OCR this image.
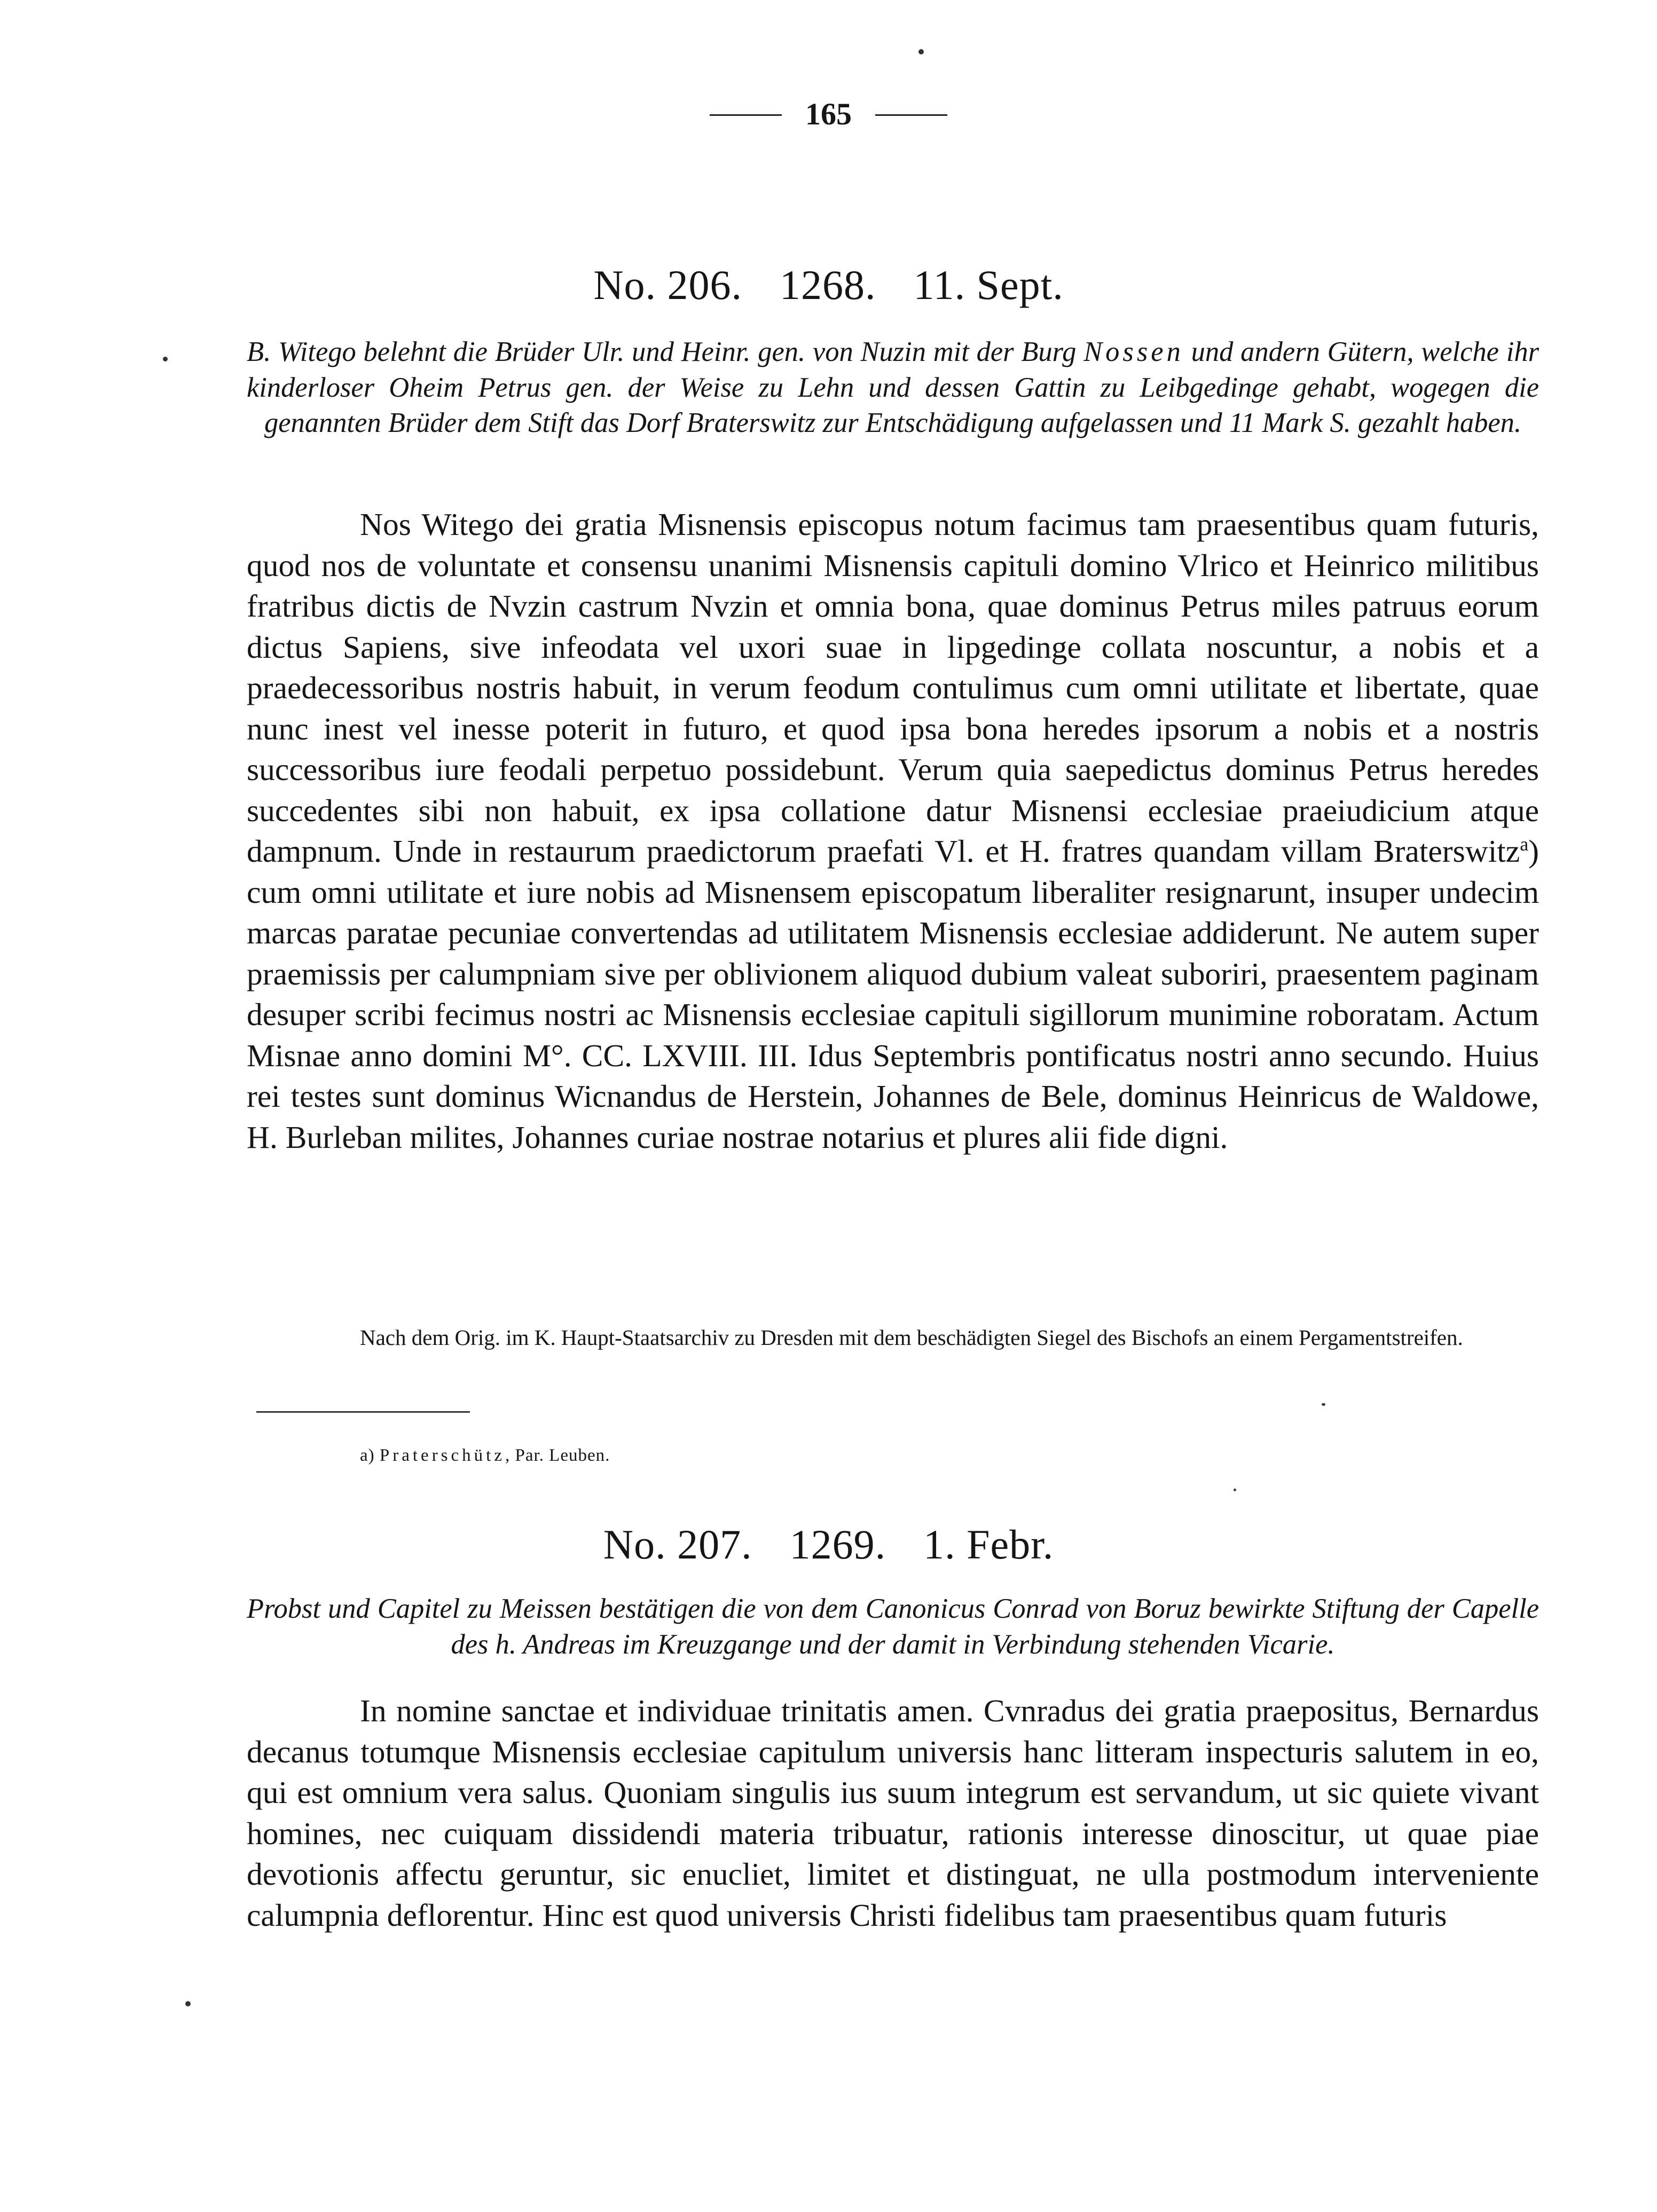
165
No. 206. 1268. 11. Sept.

B. Witego belehnt die Brüder Ulr. und Heinr. gen. von Nuzin mit der Burg Nossen und andern Gütern, welche ihr kinderloser Oheim Petrus gen. der Weise zu Lehn und dessen Gattin zu Leibgedinge gehabt, wogegen die genannten Brüder dem Stift das Dorf Braterswitz zur Entschädigung aufgelassen und 11 Mark S. gezahlt haben.

Nos Witego dei gratia Misnensis episcopus notum facimus tam praesentibus quam futuris, quod nos de voluntate et consensu unanimi Misnensis capituli domino Vlrico et Heinrico militibus fratribus dictis de Nvzin castrum Nvzin et omnia bona, quae dominus Petrus miles patruus eorum dictus Sapiens, sive infeodata vel uxori suae in lipgedinge collata noscuntur, a nobis et a praedecessoribus nostris habuit, in verum feodum contulimus cum omni utilitate et libertate, quae nunc inest vel inesse poterit in futuro, et quod ipsa bona heredes ipsorum a nobis et a nostris successoribus iure feodali perpetuo possidebunt. Verum quia saepedictus dominus Petrus heredes succedentes sibi non habuit, ex ipsa collatione datur Misnensi ecclesiae praeiudicium atque dampnum. Unde in restaurum praedictorum praefati Vl. et H. fratres quandam villam Braterswitz$^a$) cum omni utilitate et iure nobis ad Misnensem episcopatum liberaliter resignarunt, insuper undecim marcas paratae pecuniae convertendas ad utilitatem Misnensis ecclesiae addiderunt. Ne autem super praemissis per calumpniam sive per oblivionem aliquod dubium valeat suboriri, praesentem paginam desuper scribi fecimus nostri ac Misnensis ecclesiae capituli sigillorum munimine roboratam. Actum Misnae anno domini M°. CC. LXVIII. III. Idus Septembris pontificatus nostri anno secundo. Huius rei testes sunt dominus Wicnandus de Herstein, Johannes de Bele, dominus Heinricus de Waldowe, H. Burleban milites, Johannes curiae nostrae notarius et plures alii fide digni.

Nach dem Orig. im K. Haupt-Staatsarchiv zu Dresden mit dem beschädigten Siegel des Bischofs an einem Pergamentstreifen.

a) Praterschütz, Par. Leuben.
No. 207. 1269. 1. Febr.

Probst und Capitel zu Meissen bestätigen die von dem Canonicus Conrad von Boruz bewirkte Stiftung der Capelle des h. Andreas im Kreuzgange und der damit in Verbindung stehenden Vicarie.

In nomine sanctae et individuae trinitatis amen. Cvnradus dei gratia praepositus, Bernardus decanus totumque Misnensis ecclesiae capitulum universis hanc litteram inspecturis salutem in eo, qui est omnium vera salus. Quoniam singulis ius suum integrum est servandum, ut sic quiete vivant homines, nec cuiquam dissidendi materia tribuatur, rationis interesse dinoscitur, ut quae piae devotionis affectu geruntur, sic enucliet, limitet et distinguat, ne ulla postmodum interveniente calumpnia deflorentur. Hinc est quod universis Christi fidelibus tam praesentibus quam futuris
